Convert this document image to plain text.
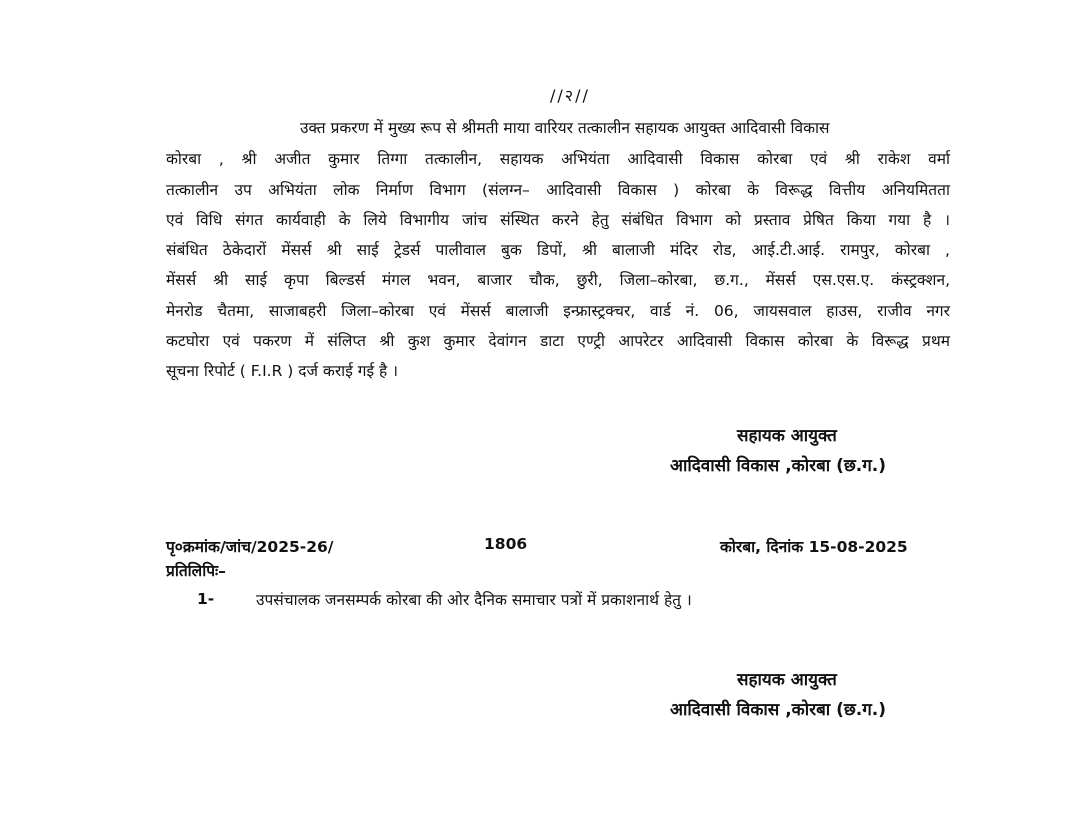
//२//
उक्त प्रकरण में मुख्य रूप से श्रीमती माया वारियर तत्कालीन सहायक आयुक्त आदिवासी विकास
कोरबा , श्री अजीत कुमार तिग्गा तत्कालीन, सहायक अभियंता आदिवासी विकास कोरबा एवं श्री राकेश वर्मा
तत्कालीन उप अभियंता लोक निर्माण विभाग (संलग्न– आदिवासी विकास ) कोरबा के विरूद्ध वित्तीय अनियमितता
एवं विधि संगत कार्यवाही के लिये विभागीय जांच संस्थित करने हेतु संबंधित विभाग को प्रस्ताव प्रेषित किया गया है ।
संबंधित ठेकेदारों मेंसर्स श्री साई ट्रेडर्स पालीवाल बुक डिपों, श्री बालाजी मंदिर रोड, आई.टी.आई. रामपुर, कोरबा ,
मेंसर्स श्री साई कृपा बिल्डर्स मंगल भवन, बाजार चौक, छुरी, जिला–कोरबा, छ.ग., मेंसर्स एस.एस.ए. कंस्ट्रक्शन,
मेनरोड चैतमा, साजाबहरी जिला–कोरबा एवं मेंसर्स बालाजी इन्फ्रास्ट्रक्चर, वार्ड नं. 06, जायसवाल हाउस, राजीव नगर
कटघोरा एवं पकरण में संलिप्त श्री कुश कुमार देवांगन डाटा एण्ट्री आपरेटर आदिवासी विकास कोरबा के विरूद्ध प्रथम
सूचना रिपोर्ट ( F.I.R ) दर्ज कराई गई है ।
सहायक आयुक्त
आदिवासी विकास ,कोरबा (छ.ग.)
पृ०क्रमांक/जांच/2025-26/	1806	कोरबा, दिनांक 15-08-2025
प्रतिलिपिः–
1-	उपसंचालक जनसम्पर्क कोरबा की ओर दैनिक समाचार पत्रों में प्रकाशनार्थ हेतु ।
सहायक आयुक्त
आदिवासी विकास ,कोरबा (छ.ग.)
